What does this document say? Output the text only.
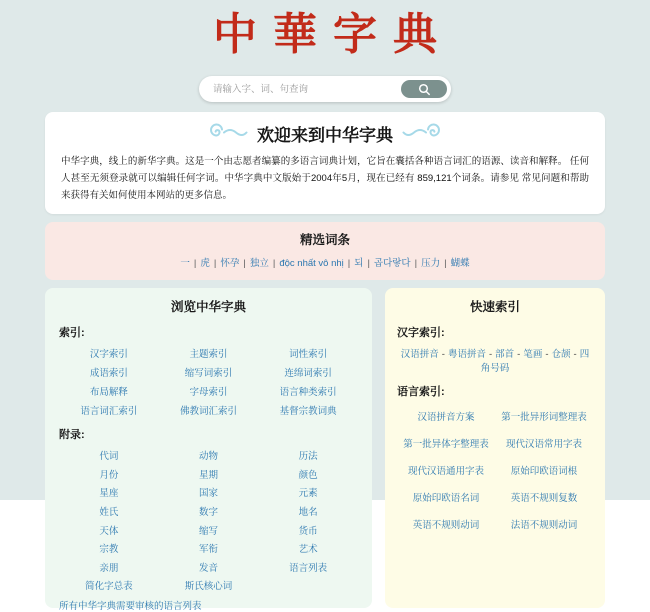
中華字典
请输入字、词、句查询
欢迎来到中华字典

中华字典，线上的新华字典。这是一个由志愿者编纂的多语言词典计划，它旨在囊括各种语言词汇的语源、读音和解释。 任何人甚至无须登录就可以编辑任何字词。中华字典中文版始于2004年5月，现在已经有 859,121个词条。请参见 常见问题和帮助来获得有关如何使用本网站的更多信息。

精选词条
一 | 虎 | 怀孕 | 独立 | độc nhất vô nhị | 되 | 곱다랗다 | 压力 | 蝴蝶
浏览中华字典
索引:
汉字索引	主题索引	词性索引
成语索引	缩写词索引	连绵词索引
布局解释	字母索引	语言种类索引
语言词汇索引	佛教词汇索引	基督宗教词典
附录:
代词	动物	历法
月份	星期	颜色
星座	国家	元素
姓氏	数字	地名
天体	缩写	货币
宗教	军衔	艺术
亲朋	发音	语言列表
简化字总表	斯氏核心词
所有中华字典需要审核的语言列表
快速索引
汉字索引:
汉语拼音 - 粤语拼音 - 部首 - 笔画 - 仓颉 - 四角号码
语言索引:
汉语拼音方案	第一批异形词整理表
第一批异体字整理表	现代汉语常用字表
现代汉语通用字表	原始印欧语词根
原始印欧语名词	英语不规则复数
英语不规则动词	法语不规则动词
